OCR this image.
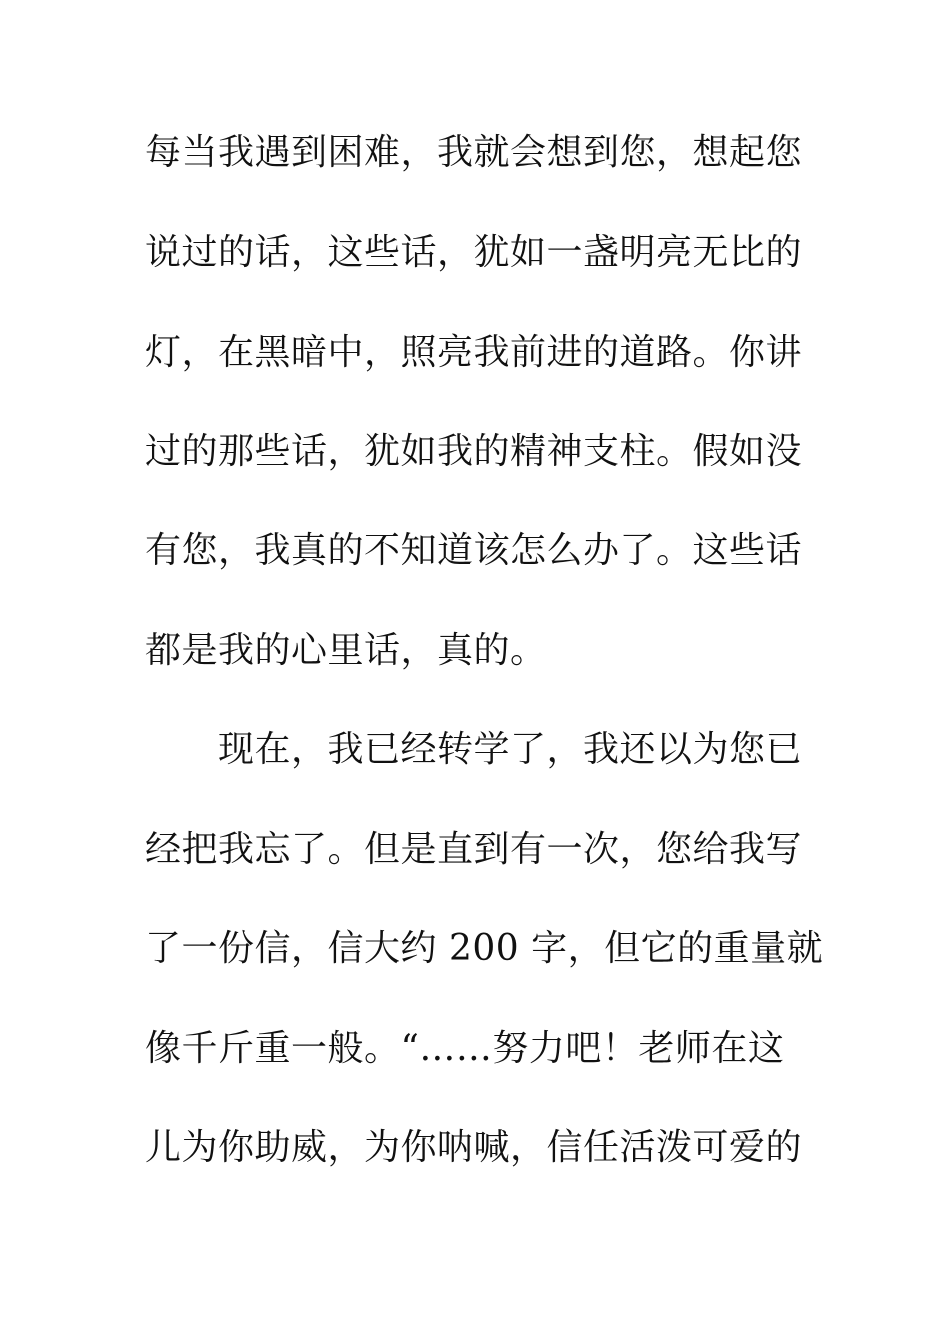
每当我遇到困难，我就会想到您，想起您
说过的话，这些话，犹如一盏明亮无比的
灯，在黑暗中，照亮我前进的道路。你讲
过的那些话，犹如我的精神支柱。假如没
有您，我真的不知道该怎么办了。这些话
都是我的心里话，真的。
现在，我已经转学了，我还以为您已
经把我忘了。但是直到有一次，您给我写
了一份信，信大约 200 字，但它的重量就
像千斤重一般。“……努力吧！老师在这
儿为你助威，为你呐喊，信任活泼可爱的
